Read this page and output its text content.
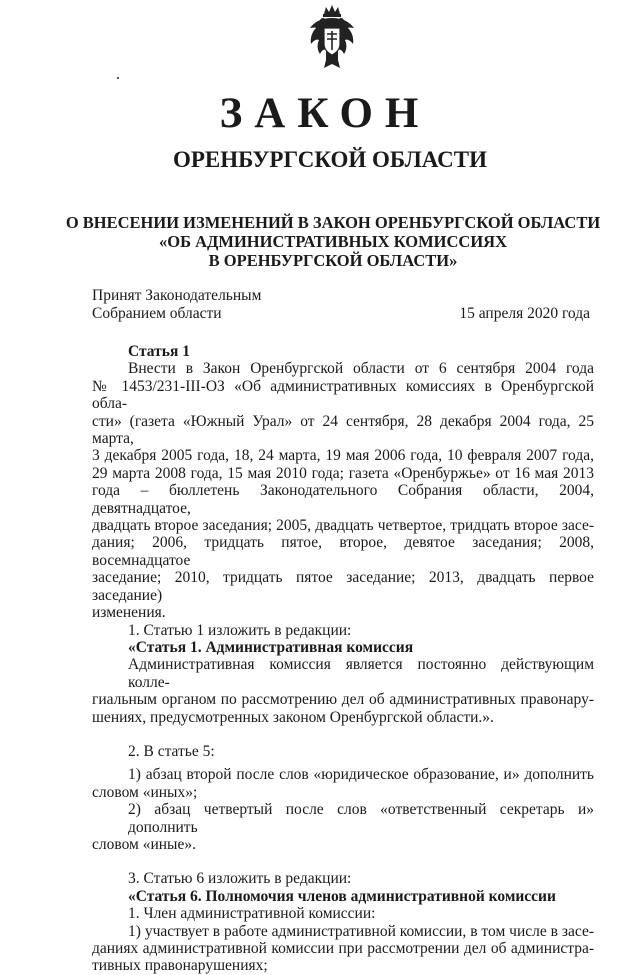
ЗАКОН
ОРЕНБУРГСКОЙ ОБЛАСТИ
О ВНЕСЕНИИ ИЗМЕНЕНИЙ В ЗАКОН ОРЕНБУРГСКОЙ ОБЛАСТИ
«ОБ АДМИНИСТРАТИВНЫХ КОМИССИЯХ
В ОРЕНБУРГСКОЙ ОБЛАСТИ»
Принят Законодательным
Собранием области	15 апреля 2020 года

Статья 1

Внести в Закон Оренбургской области от 6 сентября 2004 года
№ 1453/231-III-ОЗ «Об административных комиссиях в Оренбургской обла-
сти» (газета «Южный Урал» от 24 сентября, 28 декабря 2004 года, 25 марта,
3 декабря 2005 года, 18, 24 марта, 19 мая 2006 года, 10 февраля 2007 года,
29 марта 2008 года, 15 мая 2010 года; газета «Оренбуржье» от 16 мая 2013
года – бюллетень Законодательного Собрания области, 2004, девятнадцатое,
двадцать второе заседания; 2005, двадцать четвертое, тридцать второе засе-
дания; 2006, тридцать пятое, второе, девятое заседания; 2008, восемнадцатое
заседание; 2010, тридцать пятое заседание; 2013, двадцать первое заседание)
изменения.

1. Статью 1 изложить в редакции:

«Статья 1. Административная комиссия

Административная комиссия является постоянно действующим колле-
гиальным органом по рассмотрению дел об административных правонару-
шениях, предусмотренных законом Оренбургской области.».

2. В статье 5:

1) абзац второй после слов «юридическое образование, и» дополнить
словом «иных»;
2) абзац четвертый после слов «ответственный секретарь и» дополнить
словом «иные».

3. Статью 6 изложить в редакции:

«Статья 6. Полномочия членов административной комиссии

1. Член административной комиссии:

1) участвует в работе административной комиссии, в том числе в засе-
даниях административной комиссии при рассмотрении дел об администра-
тивных правонарушениях;
